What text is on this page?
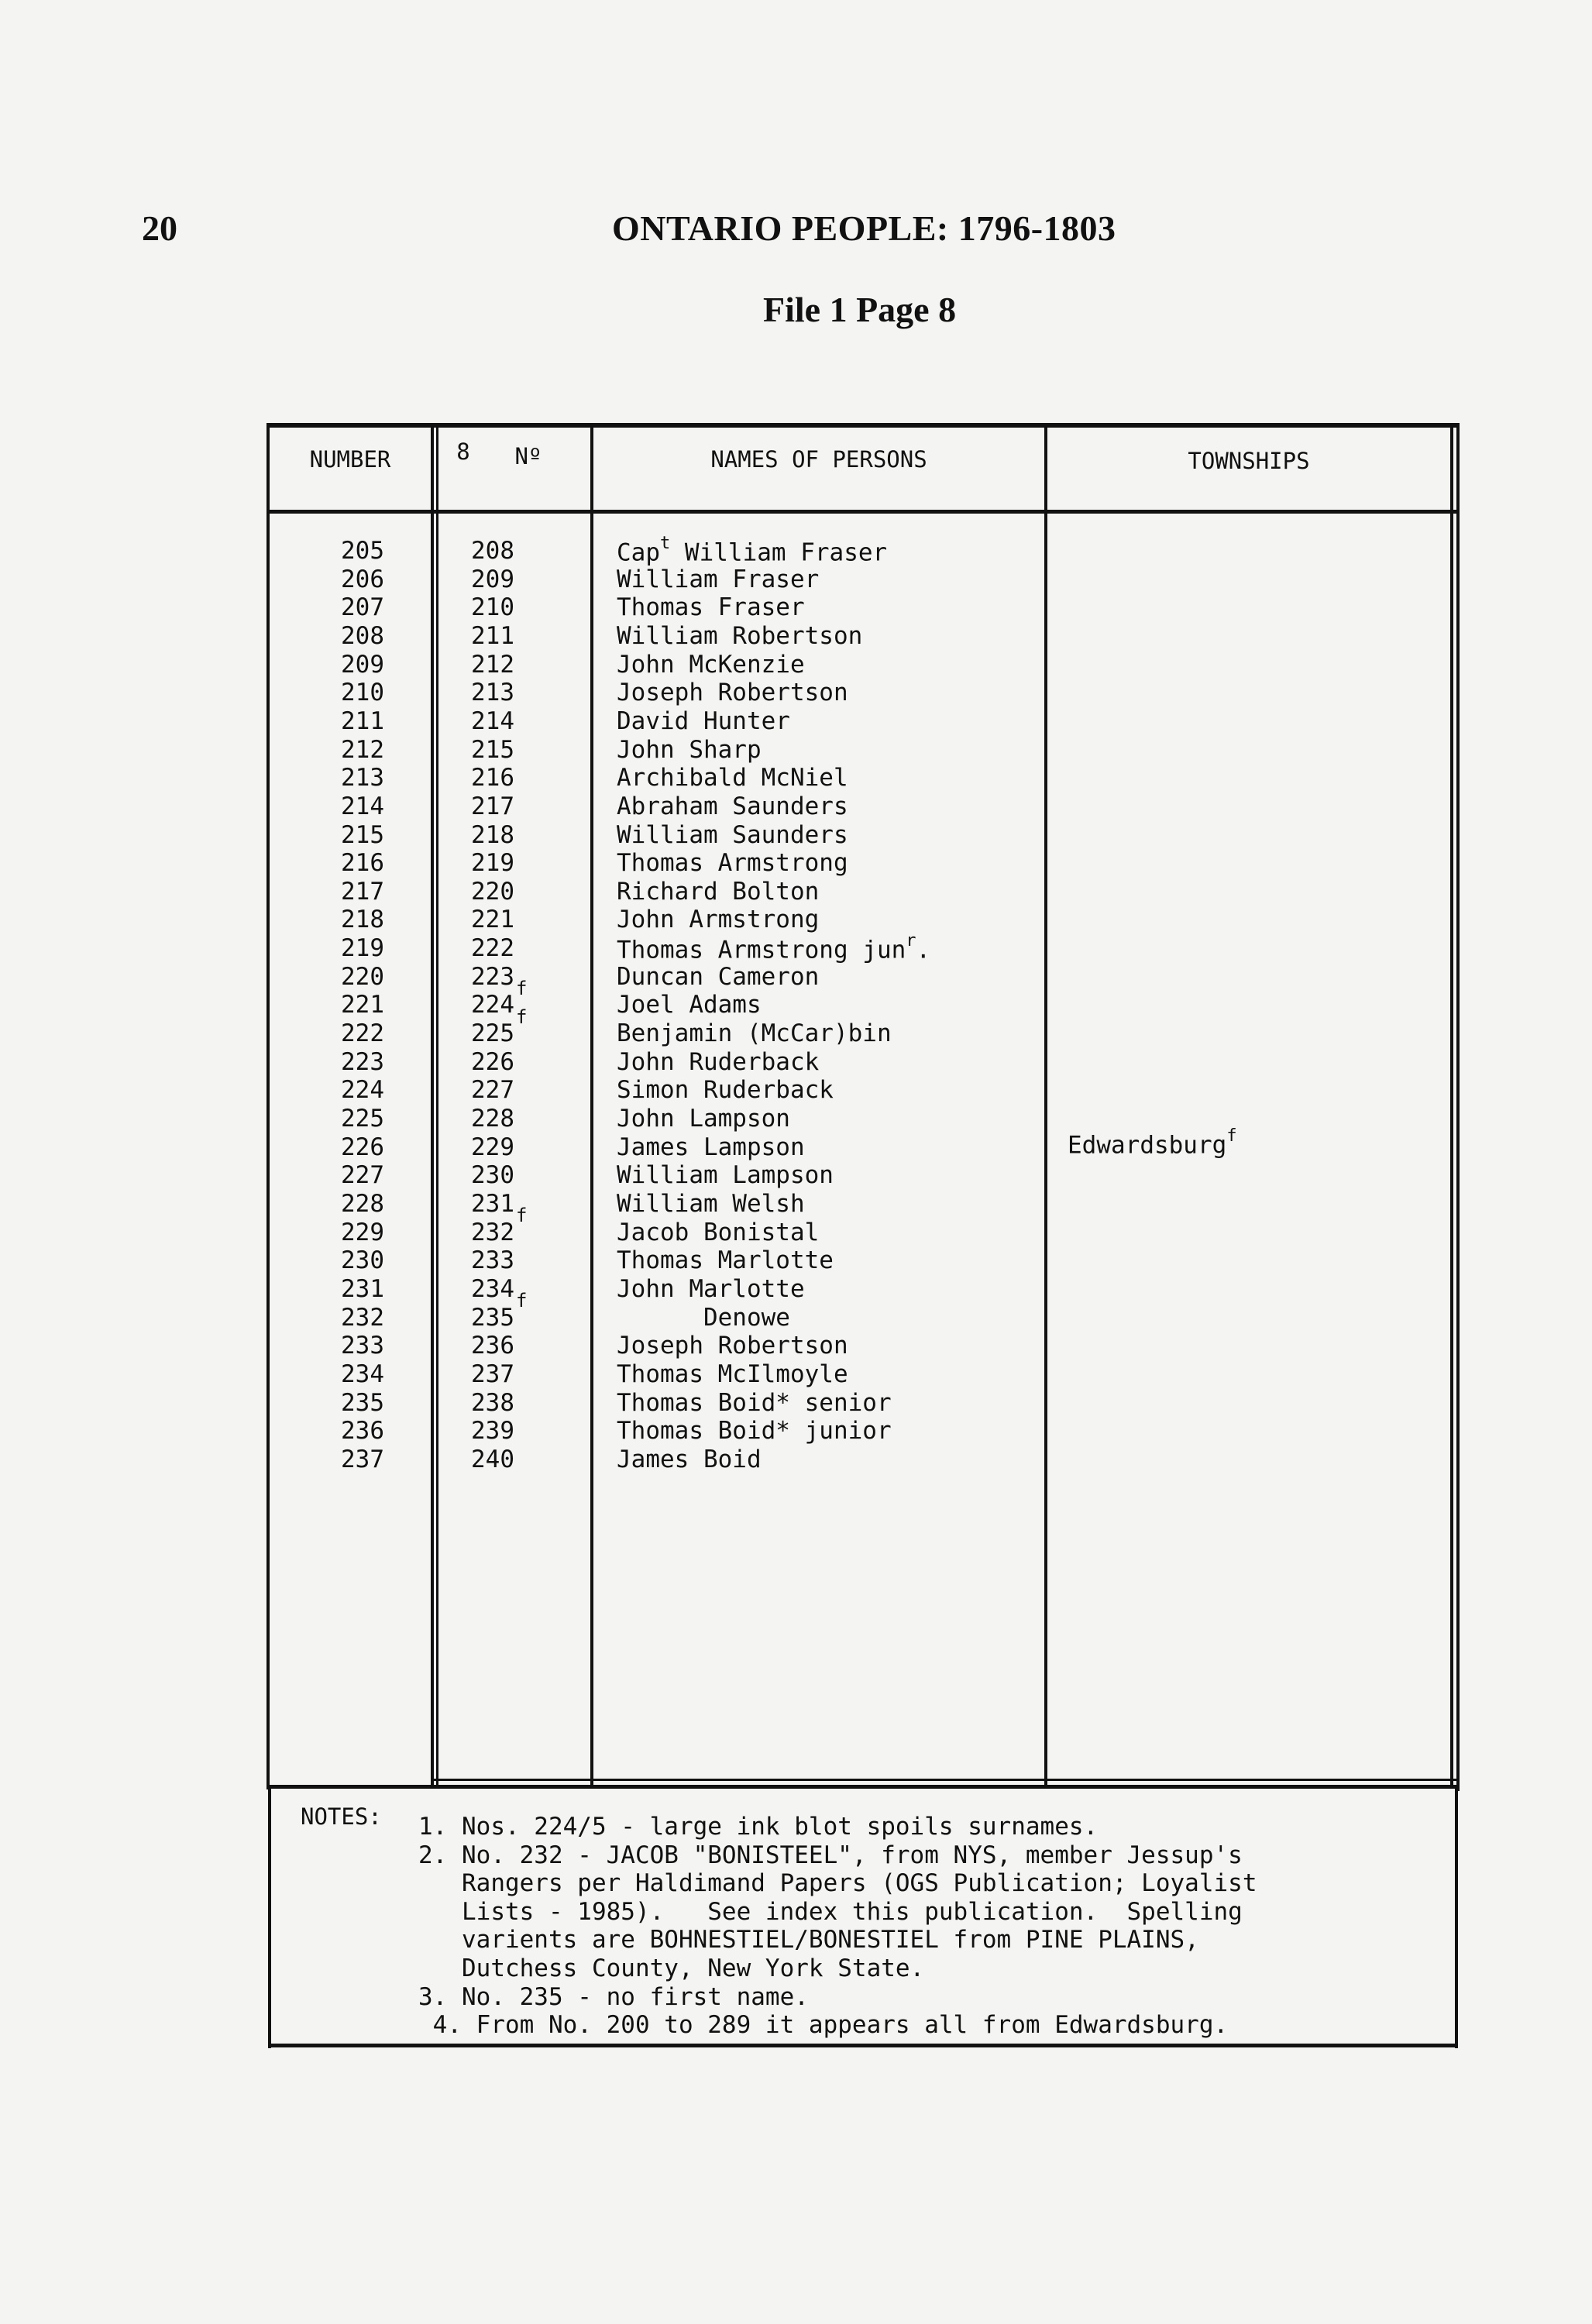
20	ONTARIO PEOPLE: 1796-1803
File 1 Page 8
NUMBER	8	Nº	NAMES OF PERSONS	TOWNSHIPS
205	208	Cap$^t$ William Fraser
206	209	William Fraser
207	210	Thomas Fraser
208	211	William Robertson
209	212	John McKenzie
210	213	Joseph Robertson
211	214	David Hunter
212	215	John Sharp
213	216	Archibald McNiel
214	217	Abraham Saunders
215	218	William Saunders
216	219	Thomas Armstrong
217	220	Richard Bolton
218	221	John Armstrong
219	222	Thomas Armstrong jun$^r$.
220	$223_f$	Duncan Cameron
221	$224_f$	Joel Adams
222	225	Benjamin (McCar)bin
223	226	John Ruderback
224	227	Simon Ruderback
225	228	John Lampson
226	229	James Lampson
227	230	William Lampson
228	$231_f$	William Welsh
229	232	Jacob Bonistal
230	233	Thomas Marlotte
231	$234_f$	John Marlotte
232	235	Denowe
233	236	Joseph Robertson
234	237	Thomas McIlmoyle
235	238	Thomas Boid* senior
236	239	Thomas Boid* junior
237	240	James Boid
Edwardsburg$^f$
NOTES: 1. Nos. 224/5 - large ink blot spoils surnames.
2. No. 232 - JACOB "BONISTEEL", from NYS, member Jessup's
Rangers per Haldimand Papers (OGS Publication; Loyalist
Lists - 1985).   See index this publication.  Spelling
varients are BOHNESTIEL/BONESTIEL from PINE PLAINS,
Dutchess County, New York State.
3. No. 235 - no first name.
4. From No. 200 to 289 it appears all from Edwardsburg.
